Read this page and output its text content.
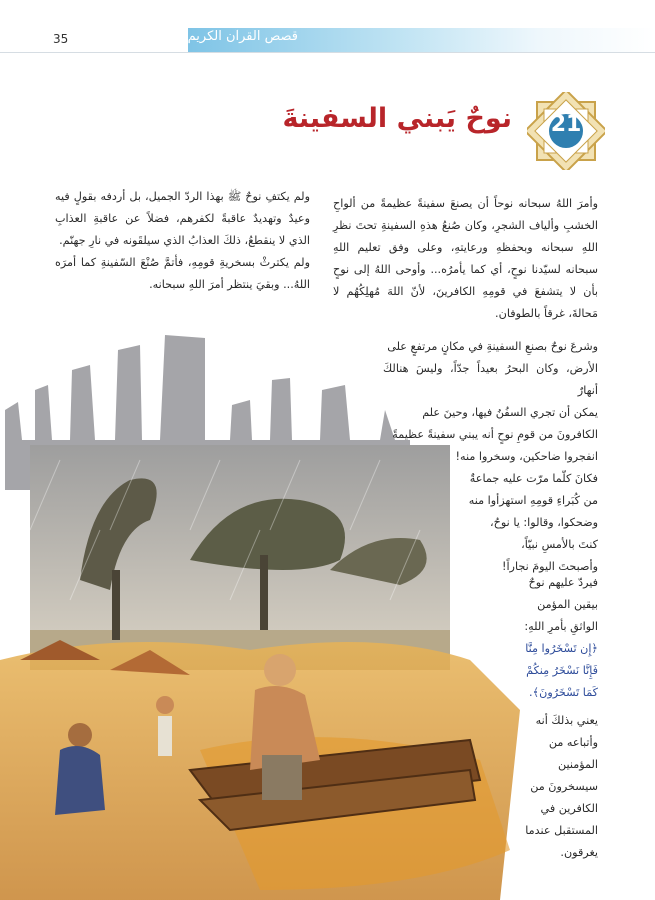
قصص القرآن الكريم
35
21
نوحٌ يَبني السفينةَ

ولم يكتفِ نوحٌ ﷺ بهذا الردّ الجميل، بل أردفه بقولٍ فيه وعيدٌ وتهديدٌ عاقبةً لكفرهم، فضلاً عن عاقبةِ العذابِ الذي لا ينقطعُ، ذلكَ العذابُ الذي سيلقَونه في نارِ جهنّم.

ولم يكترثْ بسخريةِ قومِهِ، فأتمَّ صُنْعَ السّفينةِ كما أمرَه اللهُ... وبقيَ ينتظر أمرَ اللهِ سبحانه.

وأمرَ اللهُ سبحانه نوحاً أن يصنعَ سفينةً عظيمةً من ألواحِ الخشبِ وألياف الشجرِ، وكان صُنعُ هذهِ السفينةِ تحتَ نظرِ اللهِ سبحانه وبحفظهِ ورعايتهِ، وعلى وفق تعليم اللهِ سبحانه لسيّدنا نوحٍ، أي كما يأمرُه... وأوحى اللهُ إلى نوحٍ بأن لا يتشفعَ في قومِهِ الكافرينَ، لأنّ اللهَ مُهلِكُهُم لا مَحالةَ، غرقاً بالطوفان.
وشرعَ نوحٌ بصنعِ السفينةِ في مكانٍ مرتفعٍ على
الأرض، وكان البحرُ بعيداً جدّاً، وليسَ هنالكَ أنهارٌ
يمكن أن تجري السفُنُ فيها، وحينَ علم
الكافرونَ من قومِ نوحٍ أنه يبني سفينةً عظيمةً
انفجروا ضاحكين، وسخروا منه!
فكانَ كلّما مرّت عليه جماعةٌ
من كُبَراءِ قومِهِ استهزأوا منه
وضحكوا، وقالوا: يا نوحُ،
كنتَ بالأمسِ نبيّاً،
وأصبحتَ اليومَ نجاراً!
فيردّ عليهم نوحٌ
بيقين المؤمن
الواثقِ بأمرِ اللهِ:
﴿إِن تَسْخَرُوا مِنَّا
فَإِنَّا نَسْخَرُ مِنكُمْ
كَمَا تَسْخَرُونَ﴾.
يعني بذلكَ أنه
وأتباعه من
المؤمنين
سيسخرونَ من
الكافرين في
المستقبل عندما
يغرقون.
